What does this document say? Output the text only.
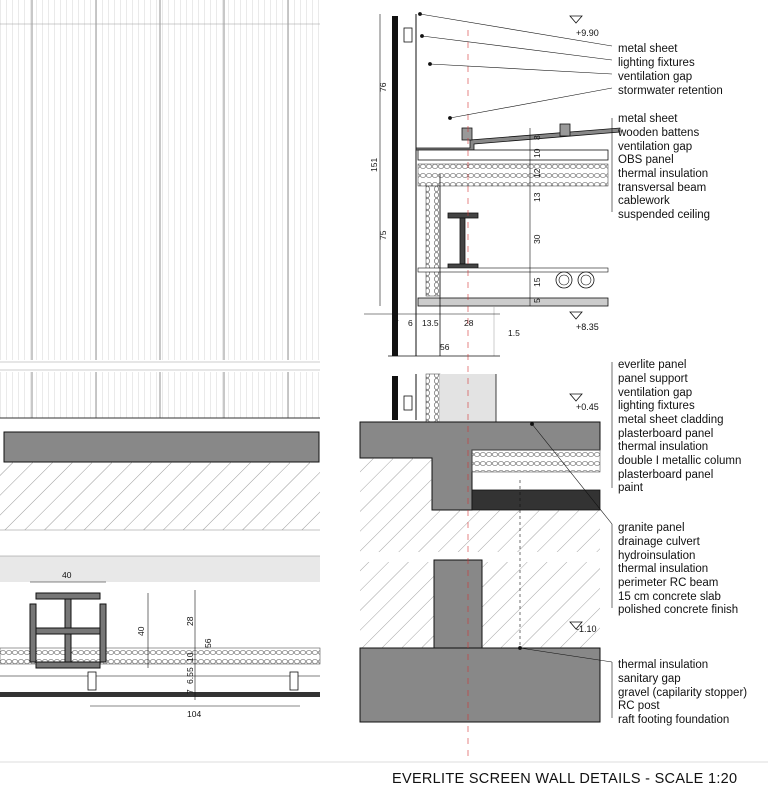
40
104
40
28
56
10
5
6.5
7
151
76
75
8
10
12
13
30
15
5
7 6 13.5	28
1.5
56
+9.90
+8.35
+0.45
-1.10
metal sheet
lighting fixtures
ventilation gap
stormwater retention
metal sheet
wooden battens
ventilation gap
OBS panel
thermal insulation
transversal beam
cablework
suspended ceiling
everlite panel
panel support
ventilation gap
lighting fixtures
metal sheet cladding
plasterboard panel
thermal insulation
double I metallic column
plasterboard panel
paint
granite panel
drainage culvert
hydroinsulation
thermal insulation
perimeter RC beam
15 cm concrete slab
polished concrete finish
thermal insulation
sanitary gap
gravel (capilarity stopper)
RC post
raft footing foundation
EVERLITE SCREEN WALL DETAILS - SCALE 1:20
